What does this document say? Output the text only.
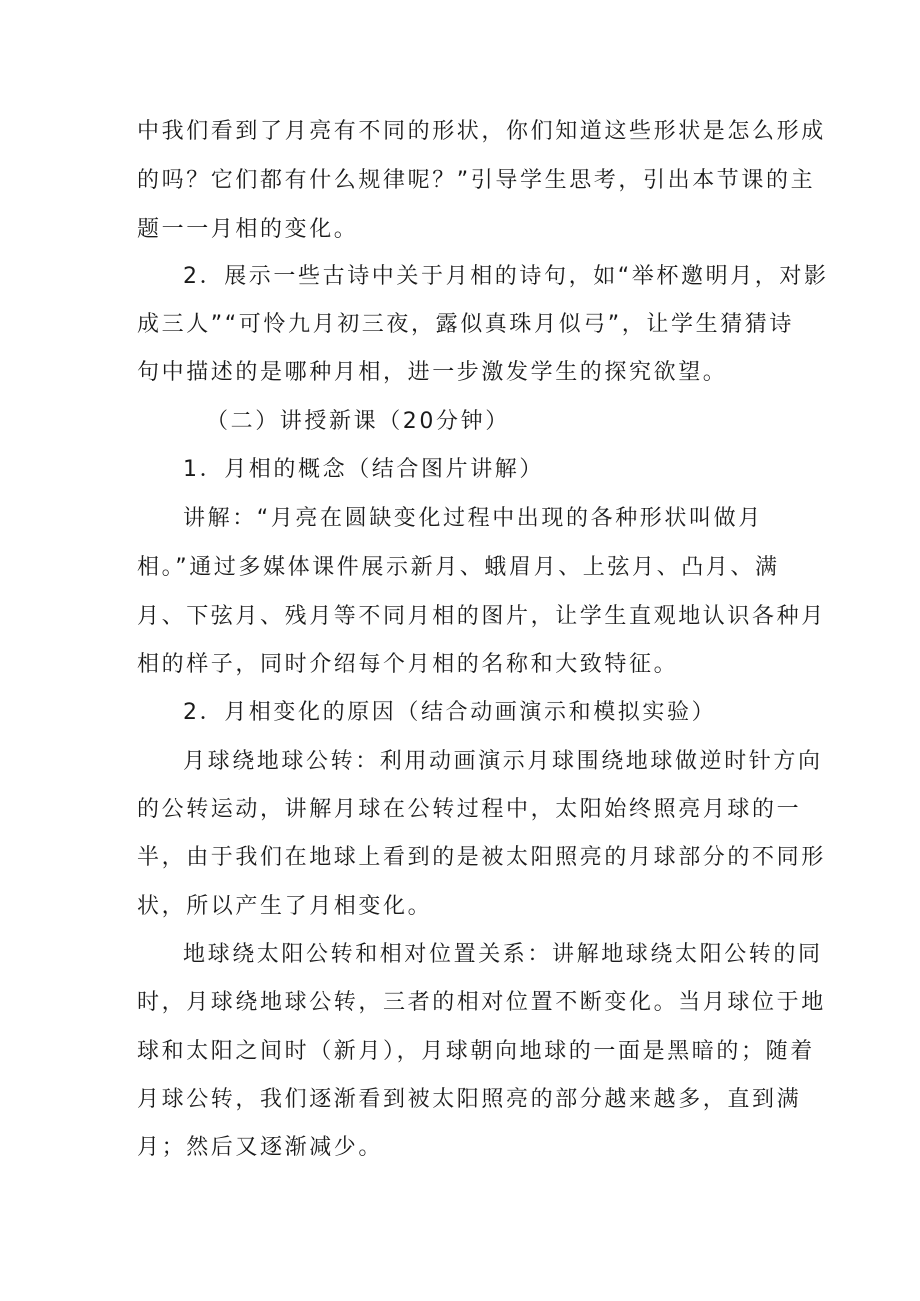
中我们看到了月亮有不同的形状，你们知道这些形状是怎么形成
的吗？它们都有什么规律呢？”引导学生思考，引出本节课的主
题一一月相的变化。
2．展示一些古诗中关于月相的诗句，如“举杯邀明月，对影
成三人”“可怜九月初三夜，露似真珠月似弓”，让学生猜猜诗
句中描述的是哪种月相，进一步激发学生的探究欲望。
（二）讲授新课（20分钟）
1．月相的概念（结合图片讲解）
讲解：“月亮在圆缺变化过程中出现的各种形状叫做月
相。”通过多媒体课件展示新月、蛾眉月、上弦月、凸月、满
月、下弦月、残月等不同月相的图片，让学生直观地认识各种月
相的样子，同时介绍每个月相的名称和大致特征。
2．月相变化的原因（结合动画演示和模拟实验）
月球绕地球公转：利用动画演示月球围绕地球做逆时针方向
的公转运动，讲解月球在公转过程中，太阳始终照亮月球的一
半，由于我们在地球上看到的是被太阳照亮的月球部分的不同形
状，所以产生了月相变化。
地球绕太阳公转和相对位置关系：讲解地球绕太阳公转的同
时，月球绕地球公转，三者的相对位置不断变化。当月球位于地
球和太阳之间时（新月），月球朝向地球的一面是黑暗的；随着
月球公转，我们逐渐看到被太阳照亮的部分越来越多，直到满
月；然后又逐渐减少。
